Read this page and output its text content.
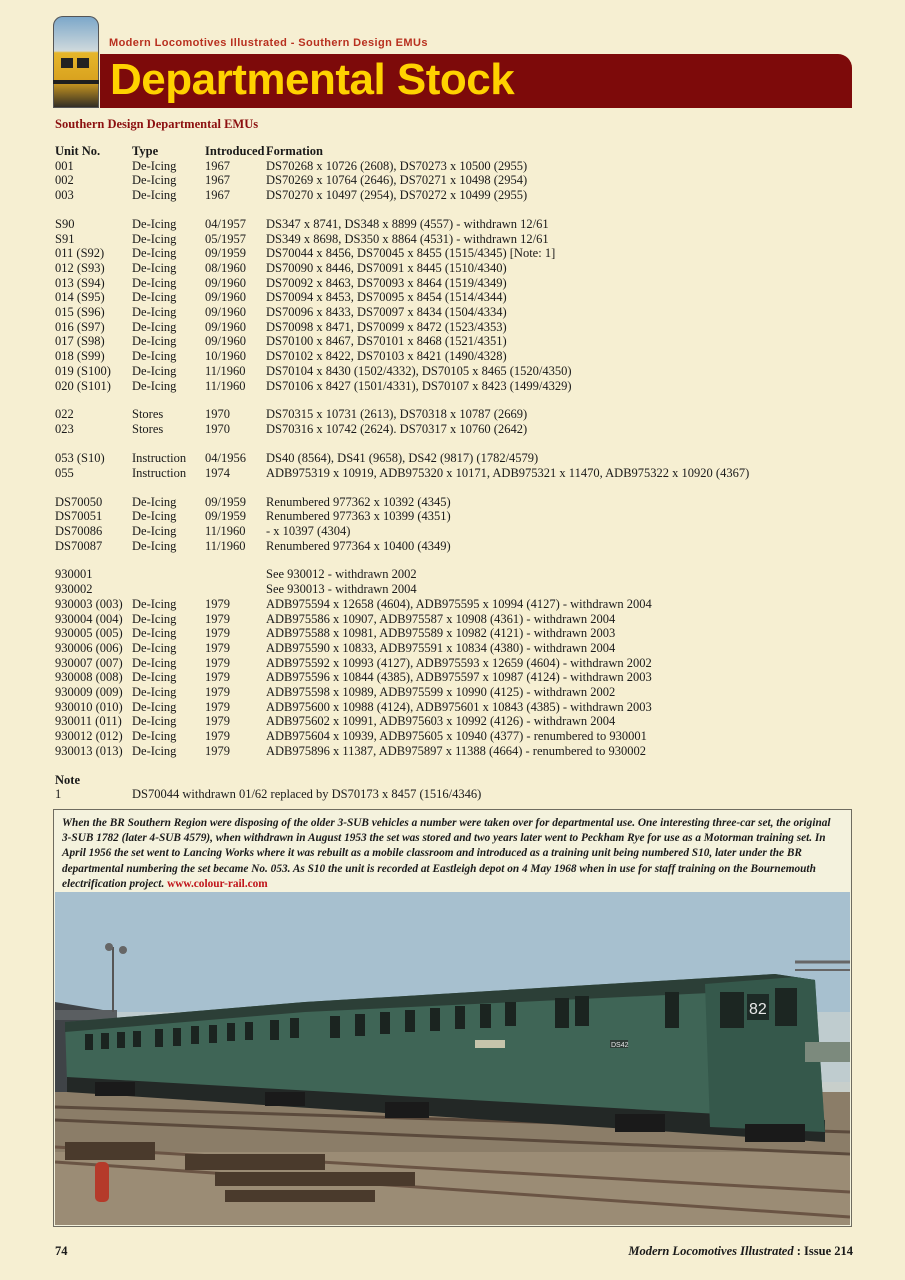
Modern Locomotives Illustrated - Southern Design EMUs
Departmental Stock
Southern Design Departmental EMUs
Unit No.	Type	Introduced Formation
001	De-Icing 1967	DS70268 x 10726 (2608), DS70273 x 10500 (2955)
002	De-Icing 1967	DS70269 x 10764 (2646), DS70271 x 10498 (2954)
003	De-Icing 1967	DS70270 x 10497 (2954), DS70272 x 10499 (2955)
S90	De-Icing 04/1957 DS347 x 8741, DS348 x 8899 (4557) - withdrawn 12/61
S91	De-Icing 05/1957 DS349 x 8698, DS350 x 8864 (4531) - withdrawn 12/61
011 (S92) De-Icing 09/1959 DS70044 x 8456, DS70045 x 8455 (1515/4345) [Note: 1]
012 (S93) De-Icing 08/1960 DS70090 x 8446, DS70091 x 8445 (1510/4340)
013 (S94) De-Icing 09/1960 DS70092 x 8463, DS70093 x 8464 (1519/4349)
014 (S95) De-Icing 09/1960 DS70094 x 8453, DS70095 x 8454 (1514/4344)
015 (S96) De-Icing 09/1960 DS70096 x 8433, DS70097 x 8434 (1504/4334)
016 (S97) De-Icing 09/1960 DS70098 x 8471, DS70099 x 8472 (1523/4353)
017 (S98) De-Icing 09/1960 DS70100 x 8467, DS70101 x 8468 (1521/4351)
018 (S99) De-Icing 10/1960 DS70102 x 8422, DS70103 x 8421 (1490/4328)
019 (S100) De-Icing 11/1960 DS70104 x 8430 (1502/4332), DS70105 x 8465 (1520/4350)
020 (S101) De-Icing 11/1960 DS70106 x 8427 (1501/4331), DS70107 x 8423 (1499/4329)
022	Stores	1970	DS70315 x 10731 (2613), DS70318 x 10787 (2669)
023	Stores	1970	DS70316 x 10742 (2624). DS70317 x 10760 (2642)
053 (S10) Instruction 04/1956 DS40 (8564), DS41 (9658), DS42 (9817) (1782/4579)
055	Instruction 1974	ADB975319 x 10919, ADB975320 x 10171, ADB975321 x 11470, ADB975322 x 10920 (4367)
DS70050 De-Icing 09/1959 Renumbered 977362 x 10392 (4345)
DS70051 De-Icing 09/1959 Renumbered 977363 x 10399 (4351)
DS70086 De-Icing 11/1960 - x 10397 (4304)
DS70087 De-Icing 11/1960 Renumbered 977364 x 10400 (4349)
930001	See 930012 - withdrawn 2002
930002	See 930013 - withdrawn 2004
930003 (003) De-Icing 1979	ADB975594 x 12658 (4604), ADB975595 x 10994 (4127) - withdrawn 2004
930004 (004) De-Icing 1979	ADB975586 x 10907, ADB975587 x 10908 (4361) - withdrawn 2004
930005 (005) De-Icing 1979	ADB975588 x 10981, ADB975589 x 10982 (4121) - withdrawn 2003
930006 (006) De-Icing 1979	ADB975590 x 10833, ADB975591 x 10834 (4380) - withdrawn 2004
930007 (007) De-Icing 1979	ADB975592 x 10993 (4127), ADB975593 x 12659 (4604) - withdrawn 2002
930008 (008) De-Icing 1979	ADB975596 x 10844 (4385), ADB975597 x 10987 (4124) - withdrawn 2003
930009 (009) De-Icing 1979	ADB975598 x 10989, ADB975599 x 10990 (4125) - withdrawn 2002
930010 (010) De-Icing 1979	ADB975600 x 10988 (4124), ADB975601 x 10843 (4385) - withdrawn 2003
930011 (011) De-Icing 1979	ADB975602 x 10991, ADB975603 x 10992 (4126) - withdrawn 2004
930012 (012) De-Icing 1979	ADB975604 x 10939, ADB975605 x 10940 (4377) - renumbered to 930001
930013 (013) De-Icing 1979	ADB975896 x 11387, ADB975897 x 11388 (4664) - renumbered to 930002
Note
1	DS70044 withdrawn 01/62 replaced by DS70173 x 8457 (1516/4346)
When the BR Southern Region were disposing of the older 3-SUB vehicles a number were taken over for departmental use. One interesting three-car set, the original 3-SUB 1782 (later 4-SUB 4579), when withdrawn in August 1953 the set was stored and two years later went to Peckham Rye for use as a Motorman training set. In April 1956 the set went to Lancing Works where it was rebuilt as a mobile classroom and introduced as a training unit being numbered S10, later under the BR departmental numbering the set became No. 053. As S10 the unit is recorded at Eastleigh depot on 4 May 1968 when in use for staff training on the Bournemouth electrification project. www.colour-rail.com
82
DS42
74	Modern Locomotives Illustrated : Issue 214
